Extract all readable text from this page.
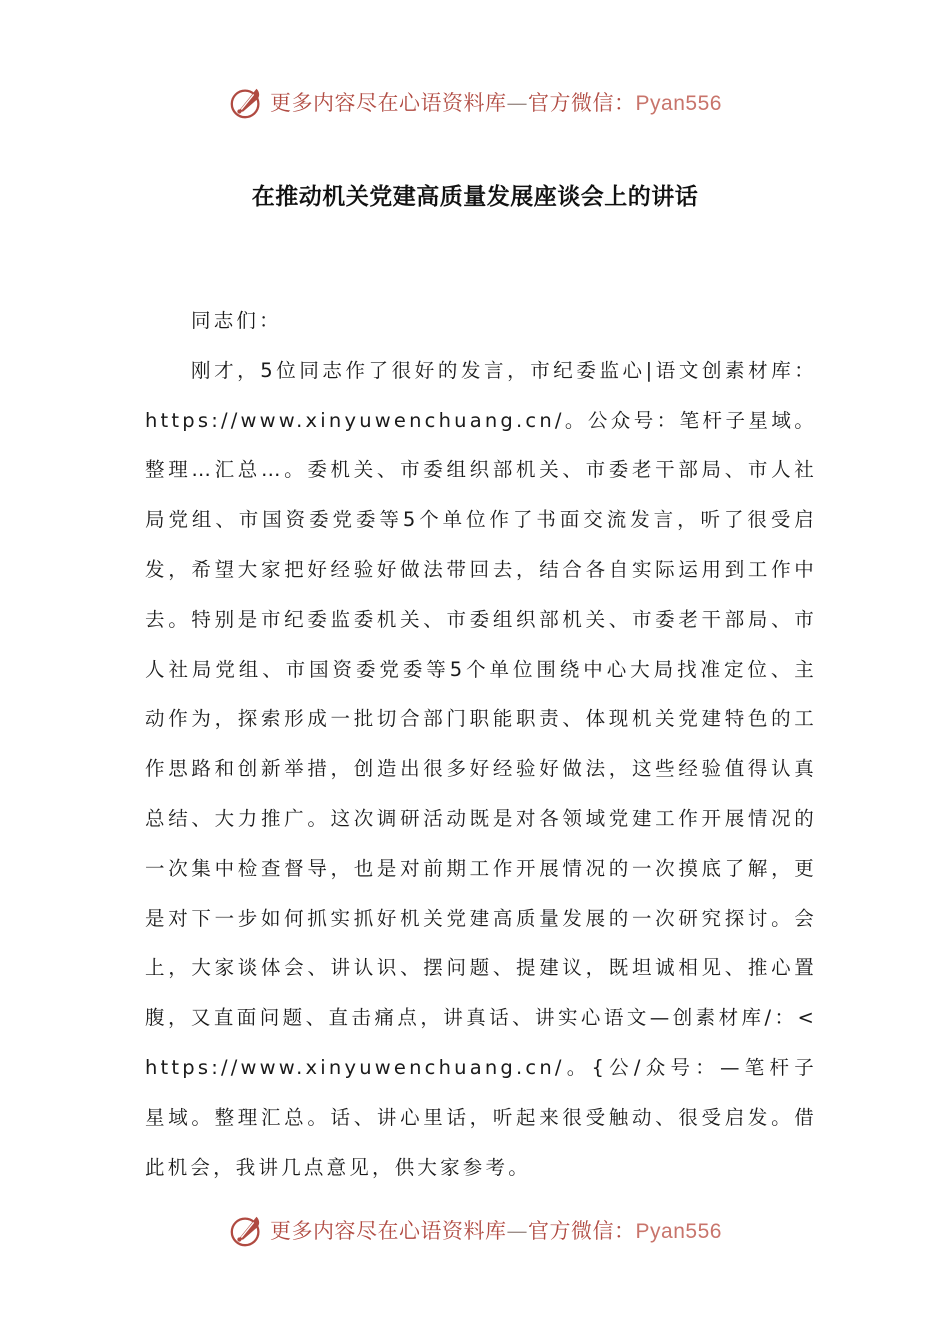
更多内容尽在心语资料库—官方微信：Pyan556
在推动机关党建高质量发展座谈会上的讲话

同志们：

刚才，5位同志作了很好的发言，市纪委监心|语文创素材库：https://www.xinyuwenchuang.cn/。公众号：笔杆子星域。整理…汇总…。委机关、市委组织部机关、市委老干部局、市人社局党组、市国资委党委等5个单位作了书面交流发言，听了很受启发，希望大家把好经验好做法带回去，结合各自实际运用到工作中去。特别是市纪委监委机关、市委组织部机关、市委老干部局、市人社局党组、市国资委党委等5个单位围绕中心大局找准定位、主动作为，探索形成一批切合部门职能职责、体现机关党建特色的工作思路和创新举措，创造出很多好经验好做法，这些经验值得认真总结、大力推广。这次调研活动既是对各领域党建工作开展情况的一次集中检查督导，也是对前期工作开展情况的一次摸底了解，更是对下一步如何抓实抓好机关党建高质量发展的一次研究探讨。会上，大家谈体会、讲认识、摆问题、提建议，既坦诚相见、推心置腹，又直面问题、直击痛点，讲真话、讲实心语文—创素材库/：<https://www.xinyuwenchuang.cn/。{公/众号：—笔杆子星域。整理汇总。话、讲心里话，听起来很受触动、很受启发。借此机会，我讲几点意见，供大家参考。

更多内容尽在心语资料库—官方微信：Pyan556
